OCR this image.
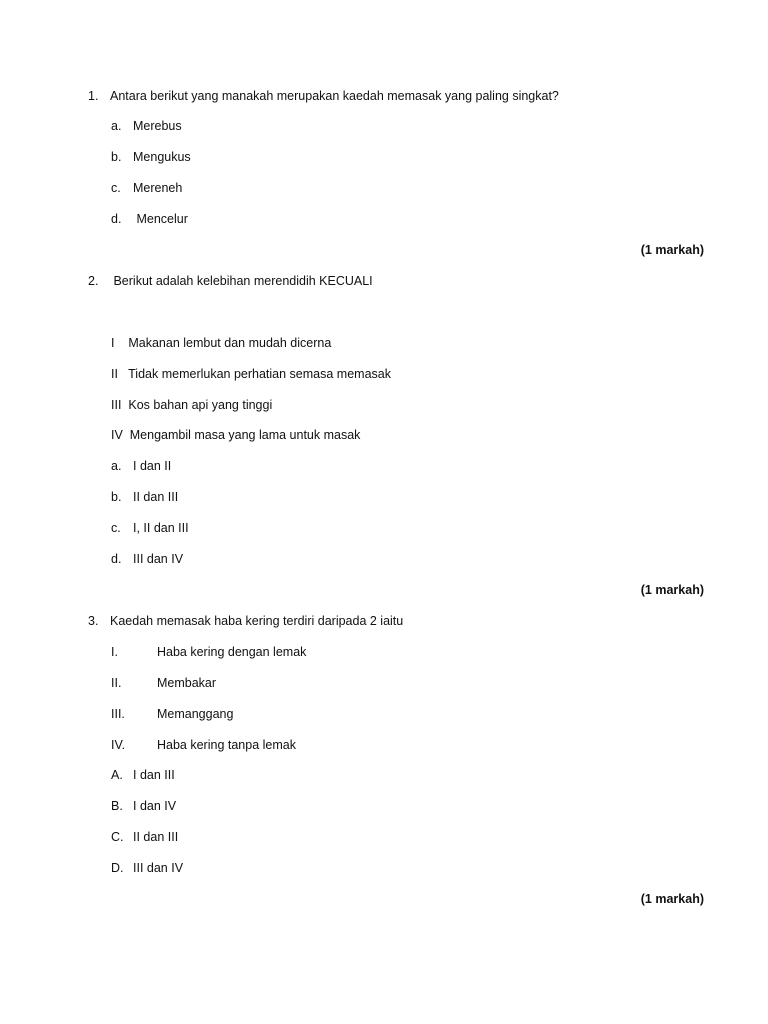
1. Antara berikut yang manakah merupakan kaedah memasak yang paling singkat?
a. Merebus
b. Mengukus
c. Mereneh
d. Mencelur
(1 markah)
2. Berikut adalah kelebihan merendidih KECUALI
I    Makanan lembut dan mudah dicerna
II   Tidak memerlukan perhatian semasa memasak
III  Kos bahan api yang tinggi
IV  Mengambil masa yang lama untuk masak
a. I dan II
b. II dan III
c. I, II dan III
d. III dan IV
(1 markah)
3. Kaedah memasak haba kering terdiri daripada 2 iaitu
I.	Haba kering dengan lemak
II.	Membakar
III.	Memanggang
IV.	Haba kering tanpa lemak
A. I dan III
B. I dan IV
C. II dan III
D. III dan IV
(1 markah)
